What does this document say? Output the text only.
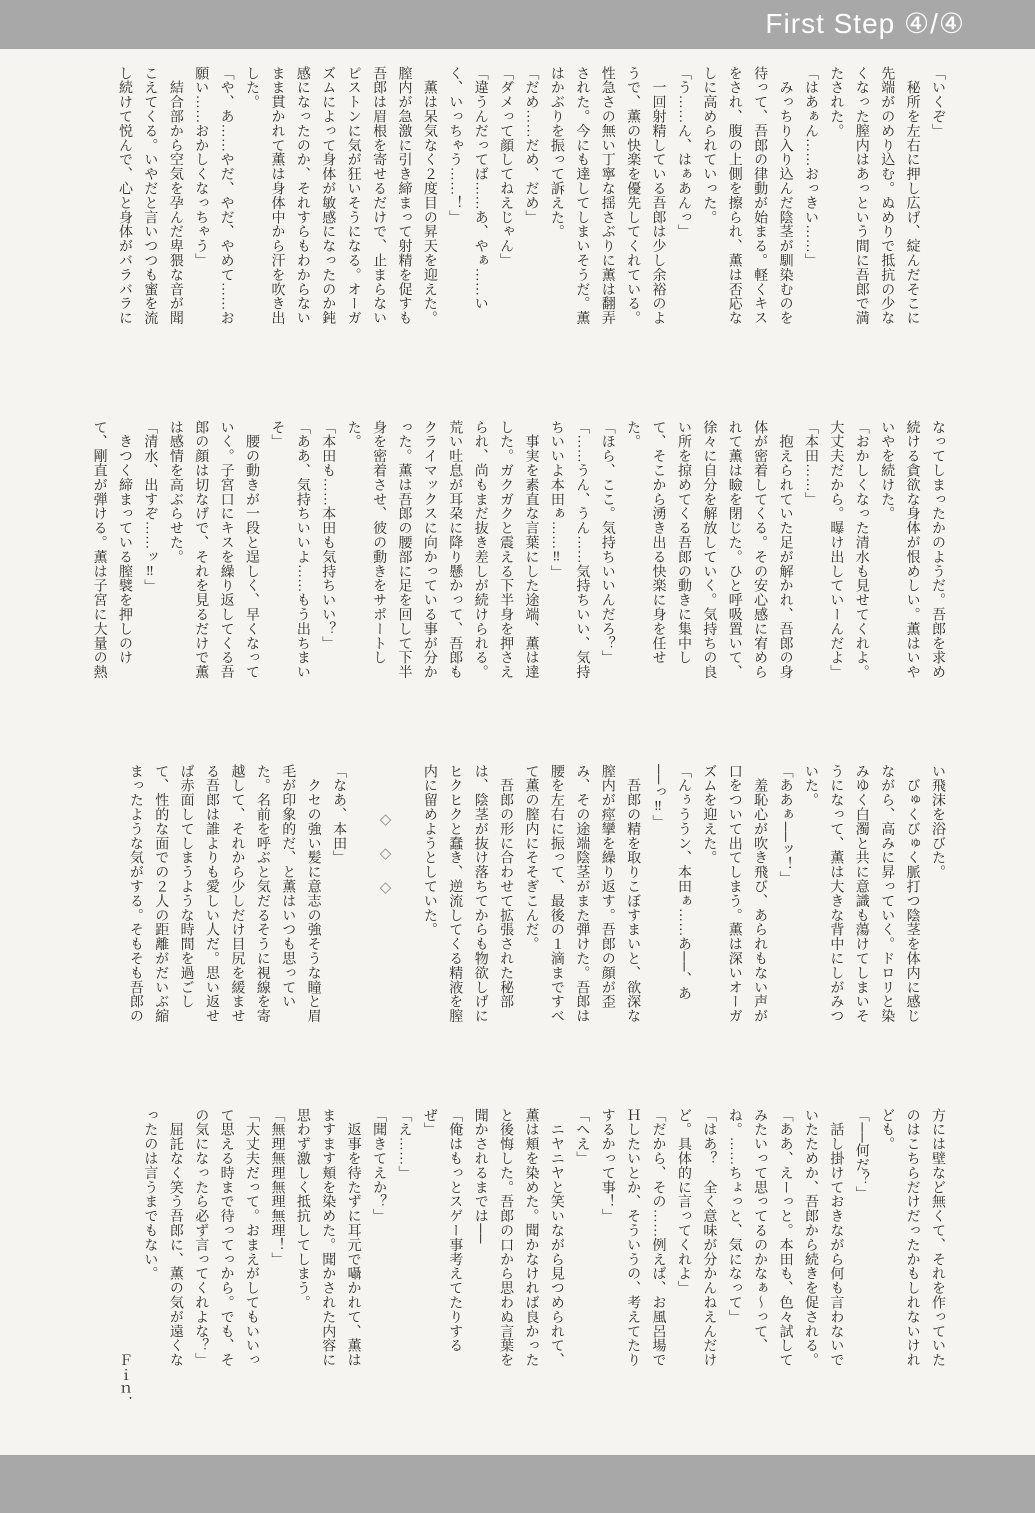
First Step ④/④
「いくぞ」
　秘所を左右に押し広げ、綻んだそこに
先端がのめり込む。ぬめりで抵抗の少な
くなった膣内はあっという間に吾郎で満
たされた。
「はあぁん……おっきい……」
　みっちり入り込んだ陰茎が馴染むのを
待って、吾郎の律動が始まる。軽くキス
をされ、腹の上側を擦られ、薫は否応な
しに高められていった。
「う……ん、はぁあんっ」
　一回射精している吾郎は少し余裕のよ
うで、薫の快楽を優先してくれている。
性急さの無い丁寧な揺さぶりに薫は翻弄
された。今にも達してしまいそうだ。薫
はかぶりを振って訴えた。
「だめ……だめ、だめ」
「ダメって顔してねえじゃん」
「違うんだってば……あ、やぁ……い
く、いっちゃう……！」
　薫は呆気なく２度目の昇天を迎えた。
膣内が急激に引き締まって射精を促すも
吾郎は眉根を寄せるだけで、止まらない
ピストンに気が狂いそうになる。オーガ
ズムによって身体が敏感になったのか鈍
感になったのか、それすらもわからない
まま貫かれて薫は身体中から汗を吹き出
した。
「や、あ……やだ、やだ、やめて……お
願い……おかしくなっちゃう」
　結合部から空気を孕んだ卑猥な音が聞
こえてくる。いやだと言いつつも蜜を流
し続けて悦んで、心と身体がバラバラに
なってしまったかのようだ。吾郎を求め
続ける貪欲な身体が恨めしい。薫はいや
いやを続けた。
「おかしくなった清水も見せてくれよ。
大丈夫だから。曝け出していーんだよ」
「本田……」
　抱えられていた足が解かれ、吾郎の身
体が密着してくる。その安心感に宥めら
れて薫は瞼を閉じた。ひと呼吸置いて、
徐々に自分を解放していく。気持ちの良
い所を掠めてくる吾郎の動きに集中し
て、そこから湧き出る快楽に身を任せ
た。
「ほら、ここ。気持ちいいんだろ？」
「……うん、うん……気持ちいい、気持
ちいいよ本田ぁ……‼」
　事実を素直な言葉にした途端、薫は達
した。ガクガクと震える下半身を押さえ
られ、尚もまだ抜き差しが続けられる。
荒い吐息が耳朶に降り懸かって、吾郎も
クライマックスに向かっている事が分か
った。薫は吾郎の腰部に足を回して下半
身を密着させ、彼の動きをサポートし
た。
「本田も……本田も気持ちいい？」
「ああ、気持ちいいよ……もう出ちまい
そ」
　腰の動きが一段と逞しく、早くなって
いく。子宮口にキスを繰り返してくる吾
郎の顔は切なげで、それを見るだけで薫
は感情を高ぶらせた。
「清水、出すぞ……ッ‼」
　きつく締まっている膣襞を押しのけ
て、剛直が弾ける。薫は子宮に大量の熱
い飛沫を浴びた。
　びゅくびゅく脈打つ陰茎を体内に感じ
ながら、高みに昇っていく。ドロリと染
みゆく白濁と共に意識も蕩けてしまいそ
うになって、薫は大きな背中にしがみつ
いた。
「ああぁ──ッ！」
　羞恥心が吹き飛び、あられもない声が
口をついて出てしまう。薫は深いオーガ
ズムを迎えた。
「んぅううン、本田ぁ……あ──、あ
──っ‼」
　吾郎の精を取りこぼすまいと、欲深な
膣内が痙攣を繰り返す。吾郎の顔が歪
み、その途端陰茎がまた弾けた。吾郎は
腰を左右に振って、最後の１滴まですべ
て薫の膣内にそそぎこんだ。
　吾郎の形に合わせて拡張された秘部
は、陰茎が抜け落ちてからも物欲しげに
ヒクヒクと蠢き、逆流してくる精液を膣
内に留めようとしていた。
　　　◇　◇　◇
「なあ、本田」
　クセの強い髪に意志の強そうな瞳と眉
毛が印象的だ、と薫はいつも思ってい
た。名前を呼ぶと気だるそうに視線を寄
越して、それから少しだけ目尻を緩ませ
る吾郎は誰よりも愛しい人だ。思い返せ
ば赤面してしまうような時間を過ごし
て、性的な面での２人の距離がだいぶ縮
まったような気がする。そもそも吾郎の
方には壁など無くて、それを作っていた
のはこちらだけだったかもしれないけれ
ども。
「──何だ？」
　話し掛けておきながら何も言わないで
いたためか、吾郎から続きを促される。
「ああ、えーっと。本田も、色々試して
みたいって思ってるのかなぁ〜って、
ね。……ちょっと、気になって」
「はあ？　全く意味が分かんねえんだけ
ど。具体的に言ってくれよ」
「だから、その……例えば、お風呂場で
Ｈしたいとか、そういうの、考えてたり
するかって事！」
「へえ」
　ニヤニヤと笑いながら見つめられて、
薫は頬を染めた。聞かなければ良かった
と後悔した。吾郎の口から思わぬ言葉を
聞かされるまでは──
「俺はもっとスゲー事考えてたりする
ぜ」
「え……」
「聞きてえか？」
　返事を待たずに耳元で囁かれて、薫は
ますます頬を染めた。聞かされた内容に
思わず激しく抵抗してしまう。
「無理無理無理無理！」
「大丈夫だって。おまえがしてもいいっ
て思える時まで待ってっから。でも、そ
の気になったら必ず言ってくれよな？」
　屈託なく笑う吾郎に、薫の気が遠くな
ったのは言うまでもない。
　　　　　　　　　　　　　　　　　Ｆｉｎ．
